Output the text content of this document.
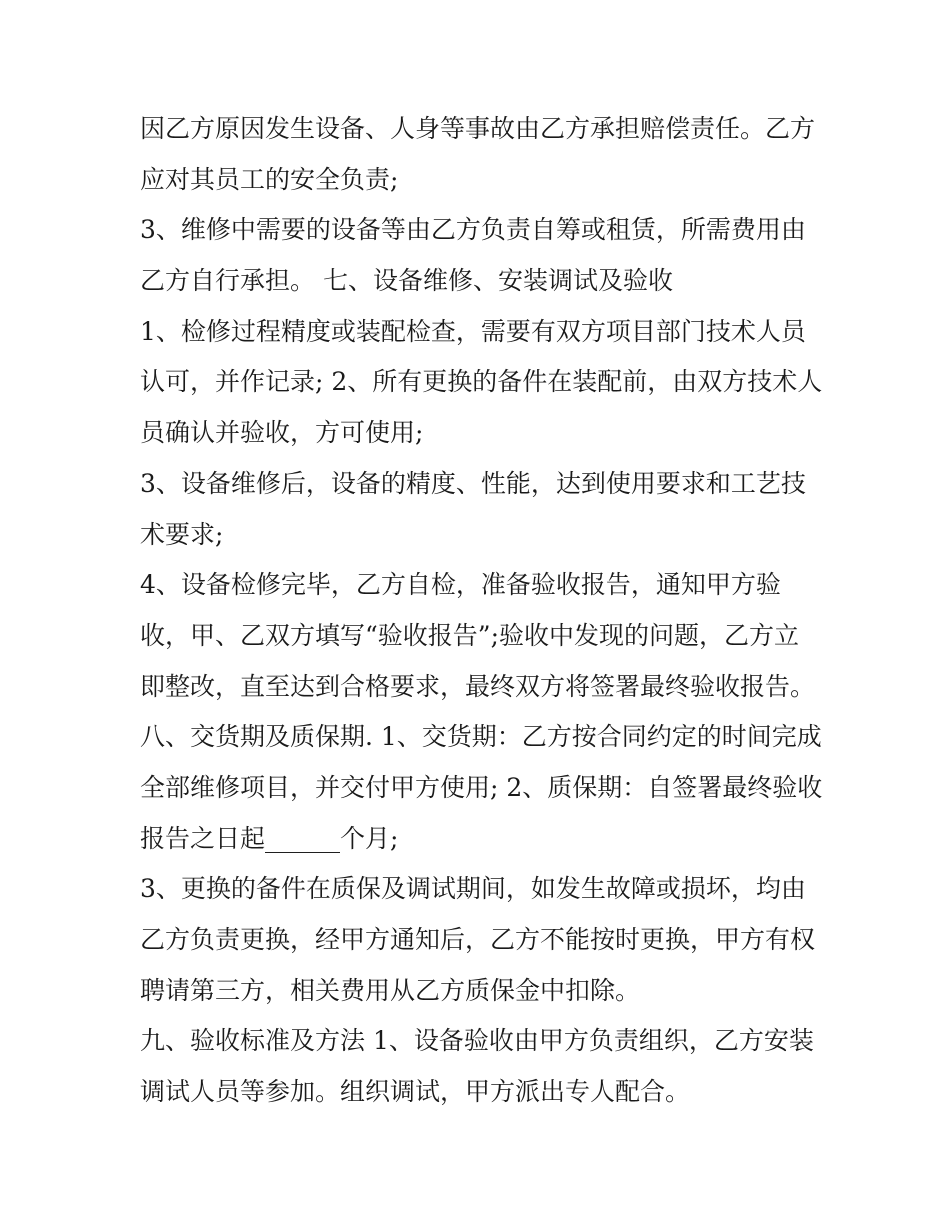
因乙方原因发生设备、人身等事故由乙方承担赔偿责任。乙方
应对其员工的安全负责;
3、维修中需要的设备等由乙方负责自筹或租赁，所需费用由
乙方自行承担。 七、设备维修、安装调试及验收
1、检修过程精度或装配检查，需要有双方项目部门技术人员
认可，并作记录; 2、所有更换的备件在装配前，由双方技术人
员确认并验收，方可使用;
3、设备维修后，设备的精度、性能，达到使用要求和工艺技
术要求;
4、设备检修完毕，乙方自检，准备验收报告，通知甲方验
收，甲、乙双方填写“验收报告”;验收中发现的问题，乙方立
即整改，直至达到合格要求，最终双方将签署最终验收报告。
八、交货期及质保期. 1、交货期：乙方按合同约定的时间完成
全部维修项目，并交付甲方使用; 2、质保期：自签署最终验收
报告之日起______个月;
3、更换的备件在质保及调试期间，如发生故障或损坏，均由
乙方负责更换，经甲方通知后，乙方不能按时更换，甲方有权
聘请第三方，相关费用从乙方质保金中扣除。
九、验收标准及方法 1、设备验收由甲方负责组织，乙方安装
调试人员等参加。组织调试，甲方派出专人配合。
